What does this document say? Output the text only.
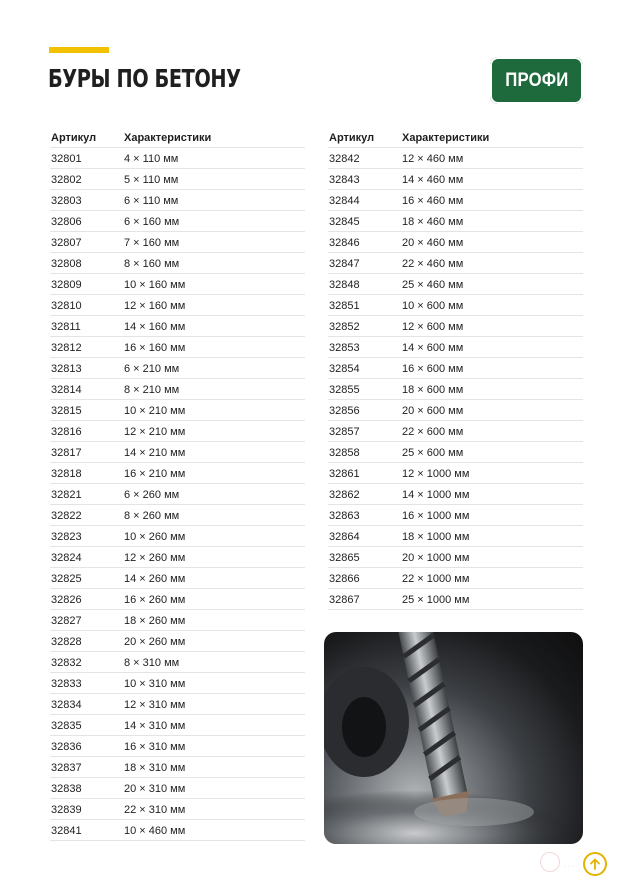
БУРЫ ПО БЕТОНУ	ПРОФИ
Артикул	Характеристики
32801	4 × 110 мм
32802	5 × 110 мм
32803	6 × 110 мм
32806	6 × 160 мм
32807	7 × 160 мм
32808	8 × 160 мм
32809	10 × 160 мм
32810	12 × 160 мм
32811	14 × 160 мм
32812	16 × 160 мм
32813	6 × 210 мм
32814	8 × 210 мм
32815	10 × 210 мм
32816	12 × 210 мм
32817	14 × 210 мм
32818	16 × 210 мм
32821	6 × 260 мм
32822	8 × 260 мм
32823	10 × 260 мм
32824	12 × 260 мм
32825	14 × 260 мм
32826	16 × 260 мм
32827	18 × 260 мм
32828	20 × 260 мм
32832	8 × 310 мм
32833	10 × 310 мм
32834	12 × 310 мм
32835	14 × 310 мм
32836	16 × 310 мм
32837	18 × 310 мм
32838	20 × 310 мм
32839	22 × 310 мм
32841	10 × 460 мм
Артикул	Характеристики
32842	12 × 460 мм
32843	14 × 460 мм
32844	16 × 460 мм
32845	18 × 460 мм
32846	20 × 460 мм
32847	22 × 460 мм
32848	25 × 460 мм
32851	10 × 600 мм
32852	12 × 600 мм
32853	14 × 600 мм
32854	16 × 600 мм
32855	18 × 600 мм
32856	20 × 600 мм
32857	22 × 600 мм
32858	25 × 600 мм
32861	12 × 1000 мм
32862	14 × 1000 мм
32863	16 × 1000 мм
32864	18 × 1000 мм
32865	20 × 1000 мм
32866	22 × 1000 мм
32867	25 × 1000 мм
…
